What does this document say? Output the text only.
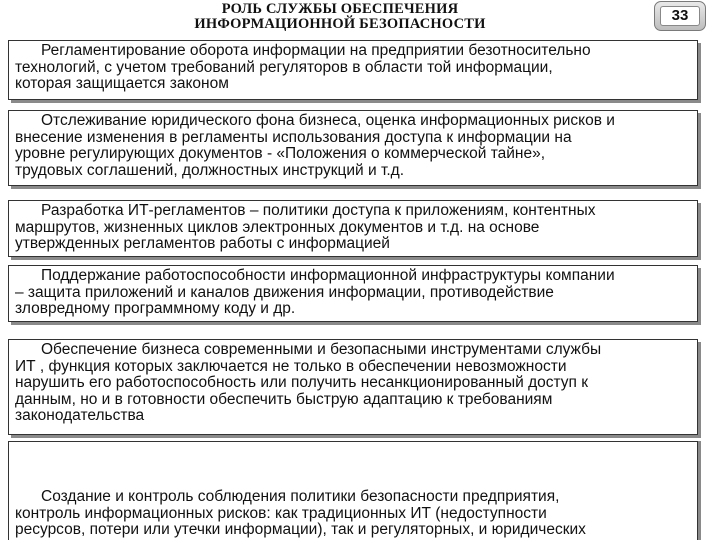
РОЛЬ СЛУЖБЫ ОБЕСПЕЧЕНИЯ
ИНФОРМАЦИОННОЙ БЕЗОПАСНОСТИ	33
Регламентирование оборота информации на предприятии безотносительно
технологий, с учетом требований регуляторов в области той информации,
которая защищается законом
Отслеживание юридического фона бизнеса, оценка информационных рисков и
внесение изменения в регламенты использования доступа к информации на
уровне регулирующих документов - «Положения о коммерческой тайне»,
трудовых соглашений, должностных инструкций и т.д.
Разработка ИТ-регламентов – политики доступа к приложениям, контентных
маршрутов, жизненных циклов электронных документов и т.д. на основе
утвержденных регламентов работы с информацией
Поддержание работоспособности информационной инфраструктуры компании
– защита приложений и каналов движения информации, противодействие
зловредному программному коду и др.
Обеспечение бизнеса современными и безопасными инструментами службы
ИТ , функция которых заключается не только в обеспечении невозможности
нарушить его работоспособность или получить несанкционированный доступ к
данным, но и в готовности обеспечить быструю адаптацию к требованиям
законодательства
Создание и контроль соблюдения политики безопасности предприятия,
контроль информационных рисков: как традиционных ИТ (недоступности
ресурсов, потери или утечки информации), так и регуляторных, и юридических
